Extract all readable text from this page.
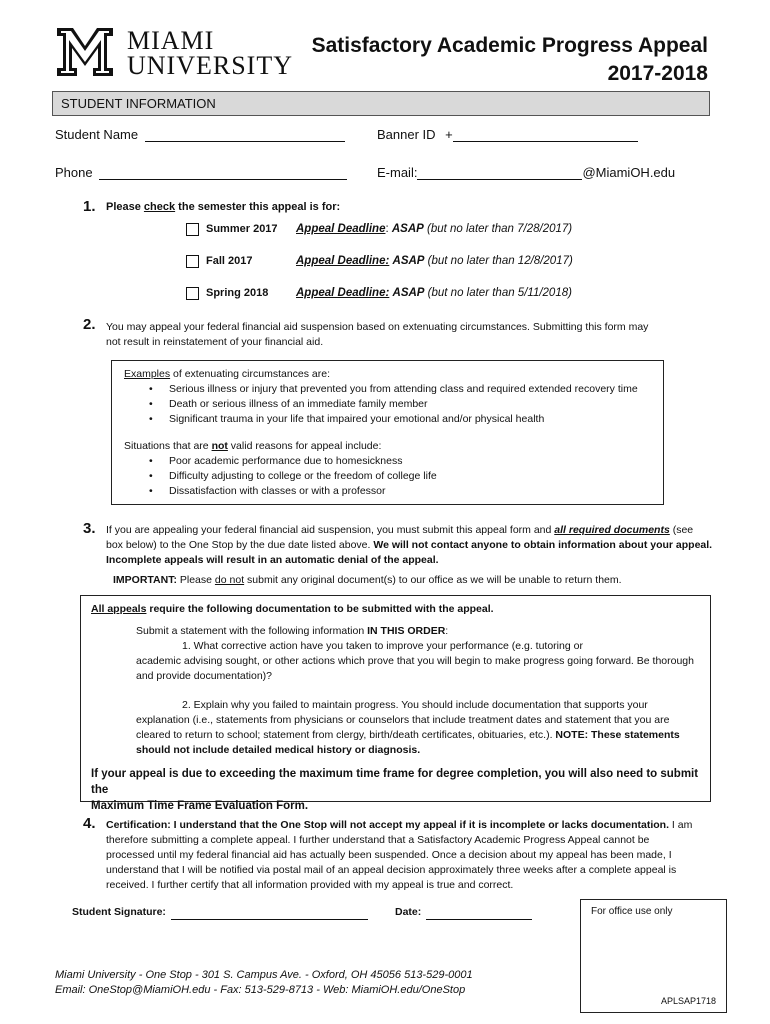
MIAMI
UNIVERSITY
Satisfactory Academic Progress Appeal
2017-2018
STUDENT INFORMATION
Student Name	Banner ID +
Phone	E-mail:	@MiamiOH.edu
1. Please check the semester this appeal is for:
Summer 2017 Appeal Deadline: ASAP (but no later than 7/28/2017)
Fall 2017	Appeal Deadline: ASAP (but no later than 12/8/2017)
Spring 2018 Appeal Deadline: ASAP (but no later than 5/11/2018)
2. You may appeal your federal financial aid suspension based on extenuating circumstances. Submitting this form may
not result in reinstatement of your financial aid.
Examples of extenuating circumstances are:
• Serious illness or injury that prevented you from attending class and required extended recovery time
• Death or serious illness of an immediate family member
• Significant trauma in your life that impaired your emotional and/or physical health
Situations that are not valid reasons for appeal include:
• Poor academic performance due to homesickness
• Difficulty adjusting to college or the freedom of college life
• Dissatisfaction with classes or with a professor
3. If you are appealing your federal financial aid suspension, you must submit this appeal form and all required documents (see
box below) to the One Stop by the due date listed above. We will not contact anyone to obtain information about your appeal.
Incomplete appeals will result in an automatic denial of the appeal.
IMPORTANT: Please do not submit any original document(s) to our office as we will be unable to return them.
All appeals require the following documentation to be submitted with the appeal.
Submit a statement with the following information IN THIS ORDER:
1. What corrective action have you taken to improve your performance (e.g. tutoring or
academic advising sought, or other actions which prove that you will begin to make progress going forward. Be thorough
and provide documentation)?
2. Explain why you failed to maintain progress. You should include documentation that supports your
explanation (i.e., statements from physicians or counselors that include treatment dates and statement that you are
cleared to return to school; statement from clergy, birth/death certificates, obituaries, etc.). NOTE: These statements
should not include detailed medical history or diagnosis.
If your appeal is due to exceeding the maximum time frame for degree completion, you will also need to submit the
Maximum Time Frame Evaluation Form.
4. Certification: I understand that the One Stop will not accept my appeal if it is incomplete or lacks documentation. I am
therefore submitting a complete appeal. I further understand that a Satisfactory Academic Progress Appeal cannot be
processed until my federal financial aid has actually been suspended. Once a decision about my appeal has been made, I
understand that I will be notified via postal mail of an appeal decision approximately three weeks after a complete appeal is
received. I further certify that all information provided with my appeal is true and correct.
Student Signature:	Date:	For office use only
APLSAP1718
Miami University - One Stop - 301 S. Campus Ave. - Oxford, OH 45056 513-529-0001
Email: OneStop@MiamiOH.edu - Fax: 513-529-8713 - Web: MiamiOH.edu/OneStop
